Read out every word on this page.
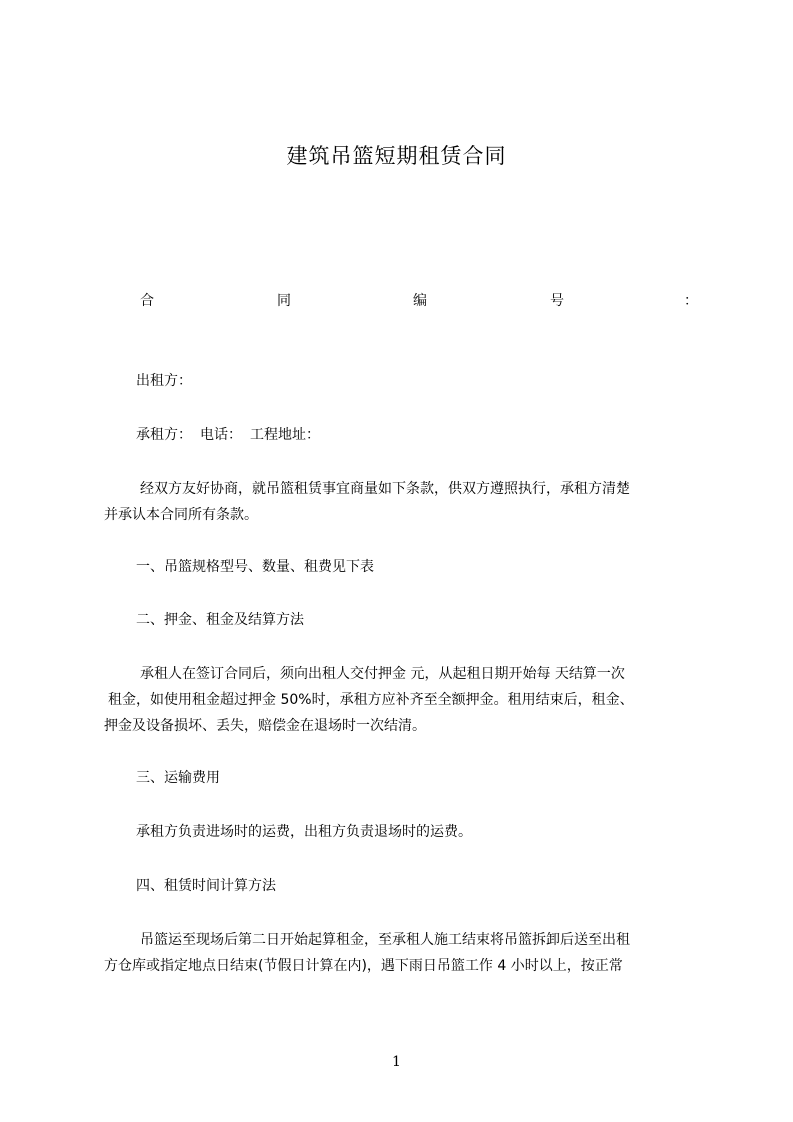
建筑吊篮短期租赁合同
合	同	编	号	：
出租方：
承租方： 电话： 工程地址：
经双方友好协商，就吊篮租赁事宜商量如下条款，供双方遵照执行，承租方清楚
并承认本合同所有条款。
一、吊篮规格型号、数量、租费见下表
二、押金、租金及结算方法
承租人在签订合同后，须向出租人交付押金 元，从起租日期开始每 天结算一次
租金，如使用租金超过押金 50%时，承租方应补齐至全额押金。租用结束后，租金、
押金及设备损坏、丢失，赔偿金在退场时一次结清。
三、运输费用
承租方负责进场时的运费，出租方负责退场时的运费。
四、租赁时间计算方法
吊篮运至现场后第二日开始起算租金，至承租人施工结束将吊篮拆卸后送至出租
方仓库或指定地点日结束(节假日计算在内)，遇下雨日吊篮工作 4 小时以上，按正常
1
